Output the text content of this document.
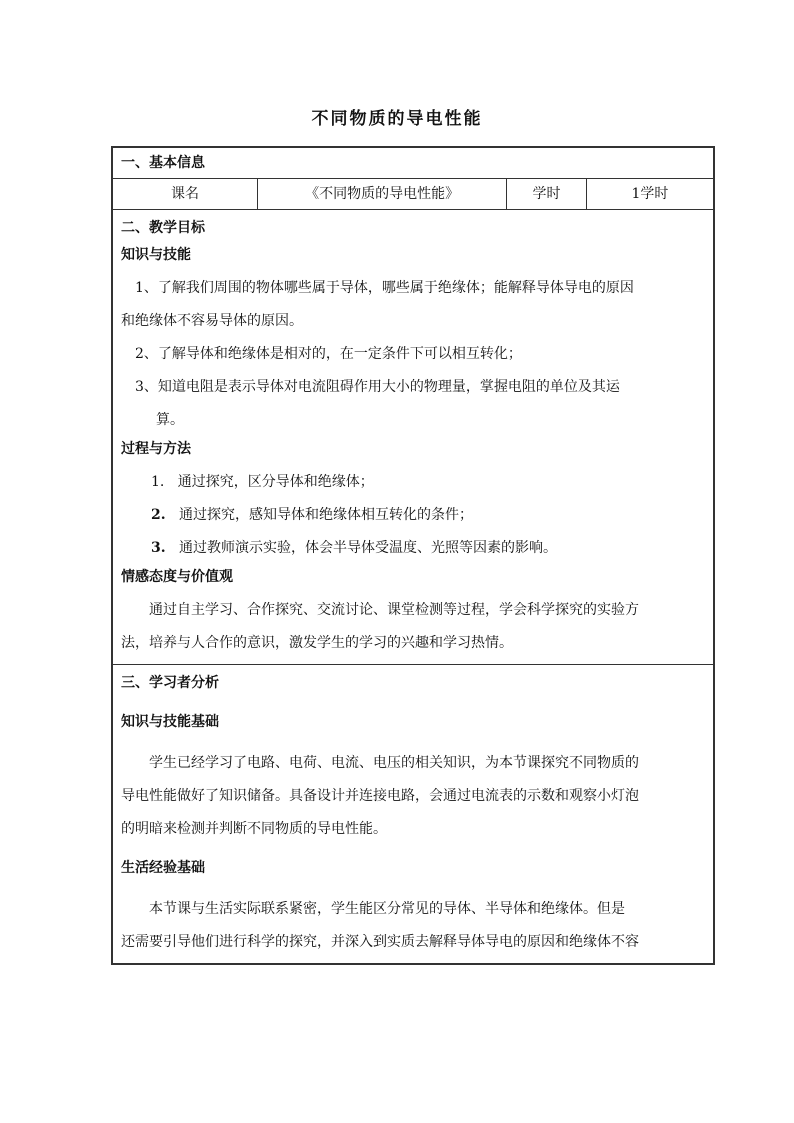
不同物质的导电性能
一、基本信息
课名	《不同物质的导电性能》	学时	1学时

二、教学目标
知识与技能

1、了解我们周围的物体哪些属于导体，哪些属于绝缘体；能解释导体导电的原因

和绝缘体不容易导体的原因。

2、了解导体和绝缘体是相对的，在一定条件下可以相互转化；

3、知道电阻是表示导体对电流阻碍作用大小的物理量，掌握电阻的单位及其运

算。

过程与方法

1. 通过探究，区分导体和绝缘体；

2. 通过探究，感知导体和绝缘体相互转化的条件；

3. 通过教师演示实验，体会半导体受温度、光照等因素的影响。

情感态度与价值观

通过自主学习、合作探究、交流讨论、课堂检测等过程，学会科学探究的实验方

法，培养与人合作的意识，激发学生的学习的兴趣和学习热情。

三、学习者分析
知识与技能基础

学生已经学习了电路、电荷、电流、电压的相关知识，为本节课探究不同物质的

导电性能做好了知识储备。具备设计并连接电路，会通过电流表的示数和观察小灯泡

的明暗来检测并判断不同物质的导电性能。

生活经验基础

本节课与生活实际联系紧密，学生能区分常见的导体、半导体和绝缘体。但是

还需要引导他们进行科学的探究，并深入到实质去解释导体导电的原因和绝缘体不容
